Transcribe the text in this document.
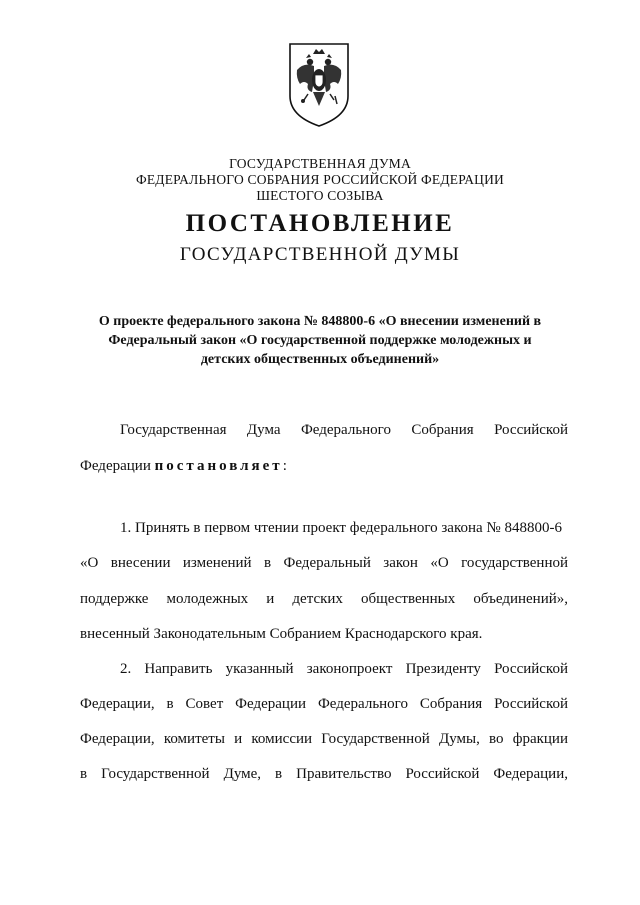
ГОСУДАРСТВЕННАЯ ДУМА
ФЕДЕРАЛЬНОГО СОБРАНИЯ РОССИЙСКОЙ ФЕДЕРАЦИИ
ШЕСТОГО СОЗЫВА
ПОСТАНОВЛЕНИЕ
ГОСУДАРСТВЕННОЙ ДУМЫ
О проекте федерального закона № 848800-6 «О внесении изменений в
Федеральный закон «О государственной поддержке молодежных и
детских общественных объединений»
Государственная Дума Федерального Собрания Российской
Федерации постановляет:
1. Принять в первом чтении проект федерального закона № 848800-6
«О внесении изменений в Федеральный закон «О государственной
поддержке молодежных и детских общественных объединений»,
внесенный Законодательным Собранием Краснодарского края.
2. Направить указанный законопроект Президенту Российской
Федерации, в Совет Федерации Федерального Собрания Российской
Федерации, комитеты и комиссии Государственной Думы, во фракции
в Государственной Думе, в Правительство Российской Федерации,
